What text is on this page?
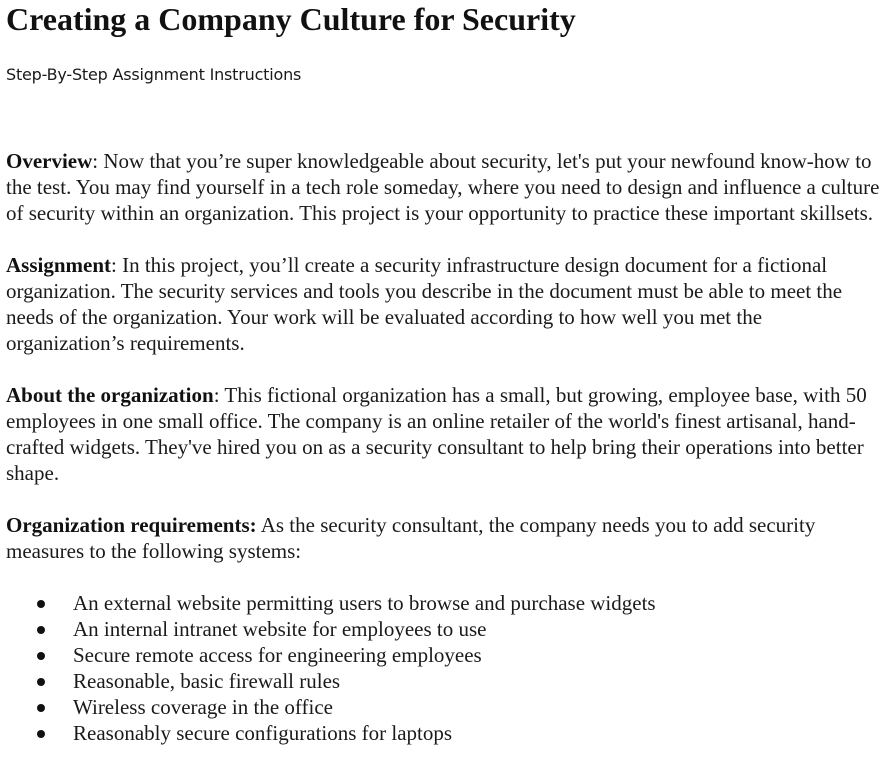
Creating a Company Culture for Security
Step-By-Step Assignment Instructions

Overview: Now that you’re super knowledgeable about security, let's put your newfound know-how to the test. You may find yourself in a tech role someday, where you need to design and influence a culture of security within an organization. This project is your opportunity to practice these important skillsets.

Assignment: In this project, you’ll create a security infrastructure design document for a fictional organization. The security services and tools you describe in the document must be able to meet the needs of the organization. Your work will be evaluated according to how well you met the organization’s requirements.

About the organization: This fictional organization has a small, but growing, employee base, with 50 employees in one small office. The company is an online retailer of the world's finest artisanal, hand-crafted widgets. They've hired you on as a security consultant to help bring their operations into better shape.

Organization requirements: As the security consultant, the company needs you to add security measures to the following systems:

An external website permitting users to browse and purchase widgets
An internal intranet website for employees to use
Secure remote access for engineering employees
Reasonable, basic firewall rules
Wireless coverage in the office
Reasonably secure configurations for laptops
